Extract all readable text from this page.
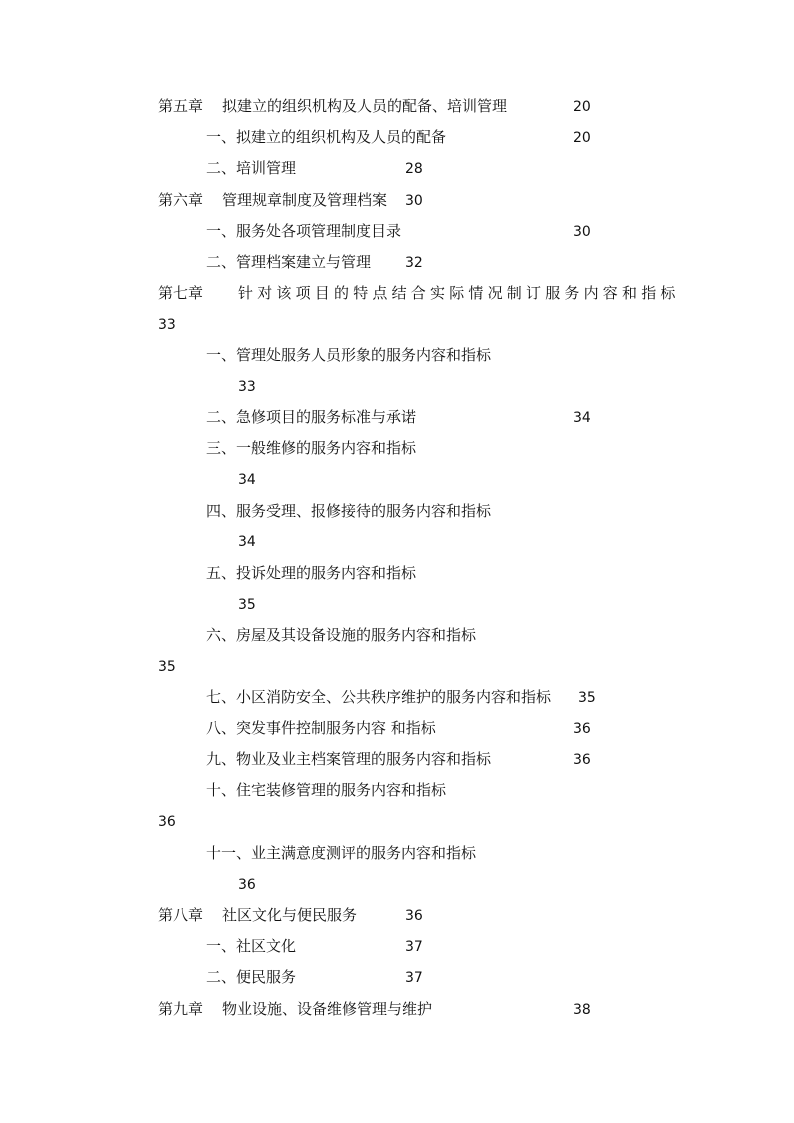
第五章 拟建立的组织机构及人员的配备、培训管理	20
一、拟建立的组织机构及人员的配备	20
二、培训管理	28
第六章 管理规章制度及管理档案 30
一、服务处各项管理制度目录	30
二、管理档案建立与管理 32
第七章 针对该项目的特点结合实际情况制订服务内容和指标
33
一、管理处服务人员形象的服务内容和指标
33
二、急修项目的服务标准与承诺	34
三、一般维修的服务内容和指标
34
四、服务受理、报修接待的服务内容和指标
34
五、投诉处理的服务内容和指标
35
六、房屋及其设备设施的服务内容和指标
35
七、小区消防安全、公共秩序维护的服务内容和指标 35
八、突发事件控制服务内容 和指标	36
九、物业及业主档案管理的服务内容和指标	36
十、住宅装修管理的服务内容和指标
36
十一、业主满意度测评的服务内容和指标
36
第八章 社区文化与便民服务	36
一、社区文化	37
二、便民服务	37
第九章 物业设施、设备维修管理与维护	38
